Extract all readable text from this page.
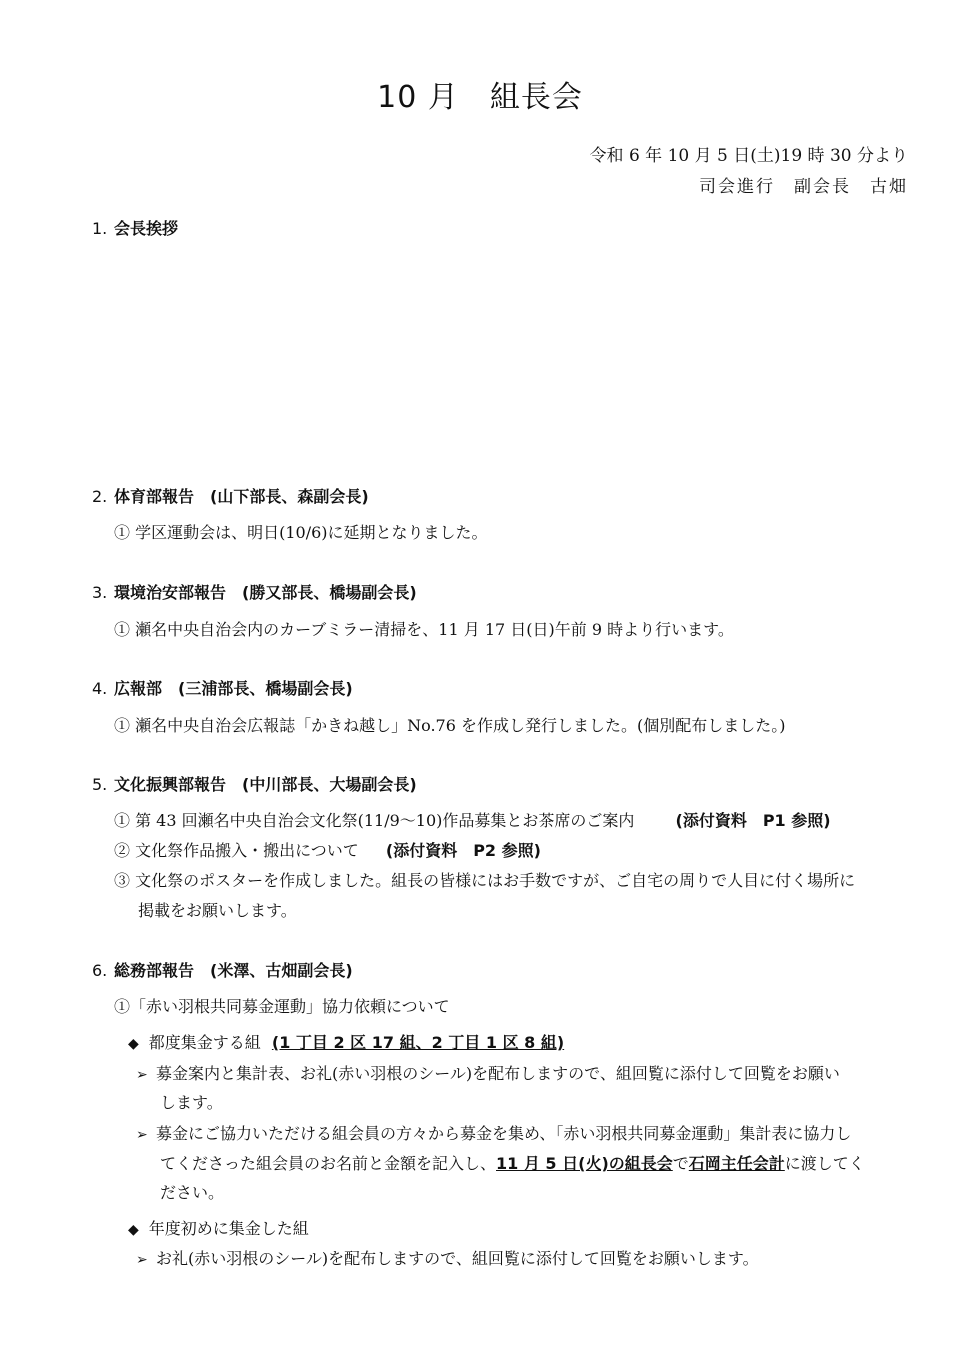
10 月　組長会
令和 6 年 10 月 5 日(土)19 時 30 分より
司会進行　副会長　古畑
1. 会長挨拶
2. 体育部報告　(山下部長、森副会長)
① 学区運動会は、明日(10/6)に延期となりました。
3. 環境治安部報告　(勝又部長、橋場副会長)
① 瀬名中央自治会内のカーブミラー清掃を、11 月 17 日(日)午前 9 時より行います。
4. 広報部　(三浦部長、橋場副会長)
① 瀬名中央自治会広報誌「かきね越し」No.76 を作成し発行しました。(個別配布しました。)
5. 文化振興部報告　(中川部長、大場副会長)
① 第 43 回瀬名中央自治会文化祭(11/9～10)作品募集とお茶席のご案内	(添付資料　P1 参照)
② 文化祭作品搬入・搬出について (添付資料　P2 参照)
③ 文化祭のポスターを作成しました。組長の皆様にはお手数ですが、ご自宅の周りで人目に付く場所に
掲載をお願いします。
6. 総務部報告　(米澤、古畑副会長)
①「赤い羽根共同募金運動」協力依頼について
◆ 都度集金する組 (1 丁目 2 区 17 組、2 丁目 1 区 8 組)
➢ 募金案内と集計表、お礼(赤い羽根のシール)を配布しますので、組回覧に添付して回覧をお願い
します。
➢ 募金にご協力いただける組会員の方々から募金を集め、「赤い羽根共同募金運動」集計表に協力し
てくださった組会員のお名前と金額を記入し、11 月 5 日(火)の組長会で石岡主任会計に渡してく
ださい。
◆ 年度初めに集金した組
➢ お礼(赤い羽根のシール)を配布しますので、組回覧に添付して回覧をお願いします。
